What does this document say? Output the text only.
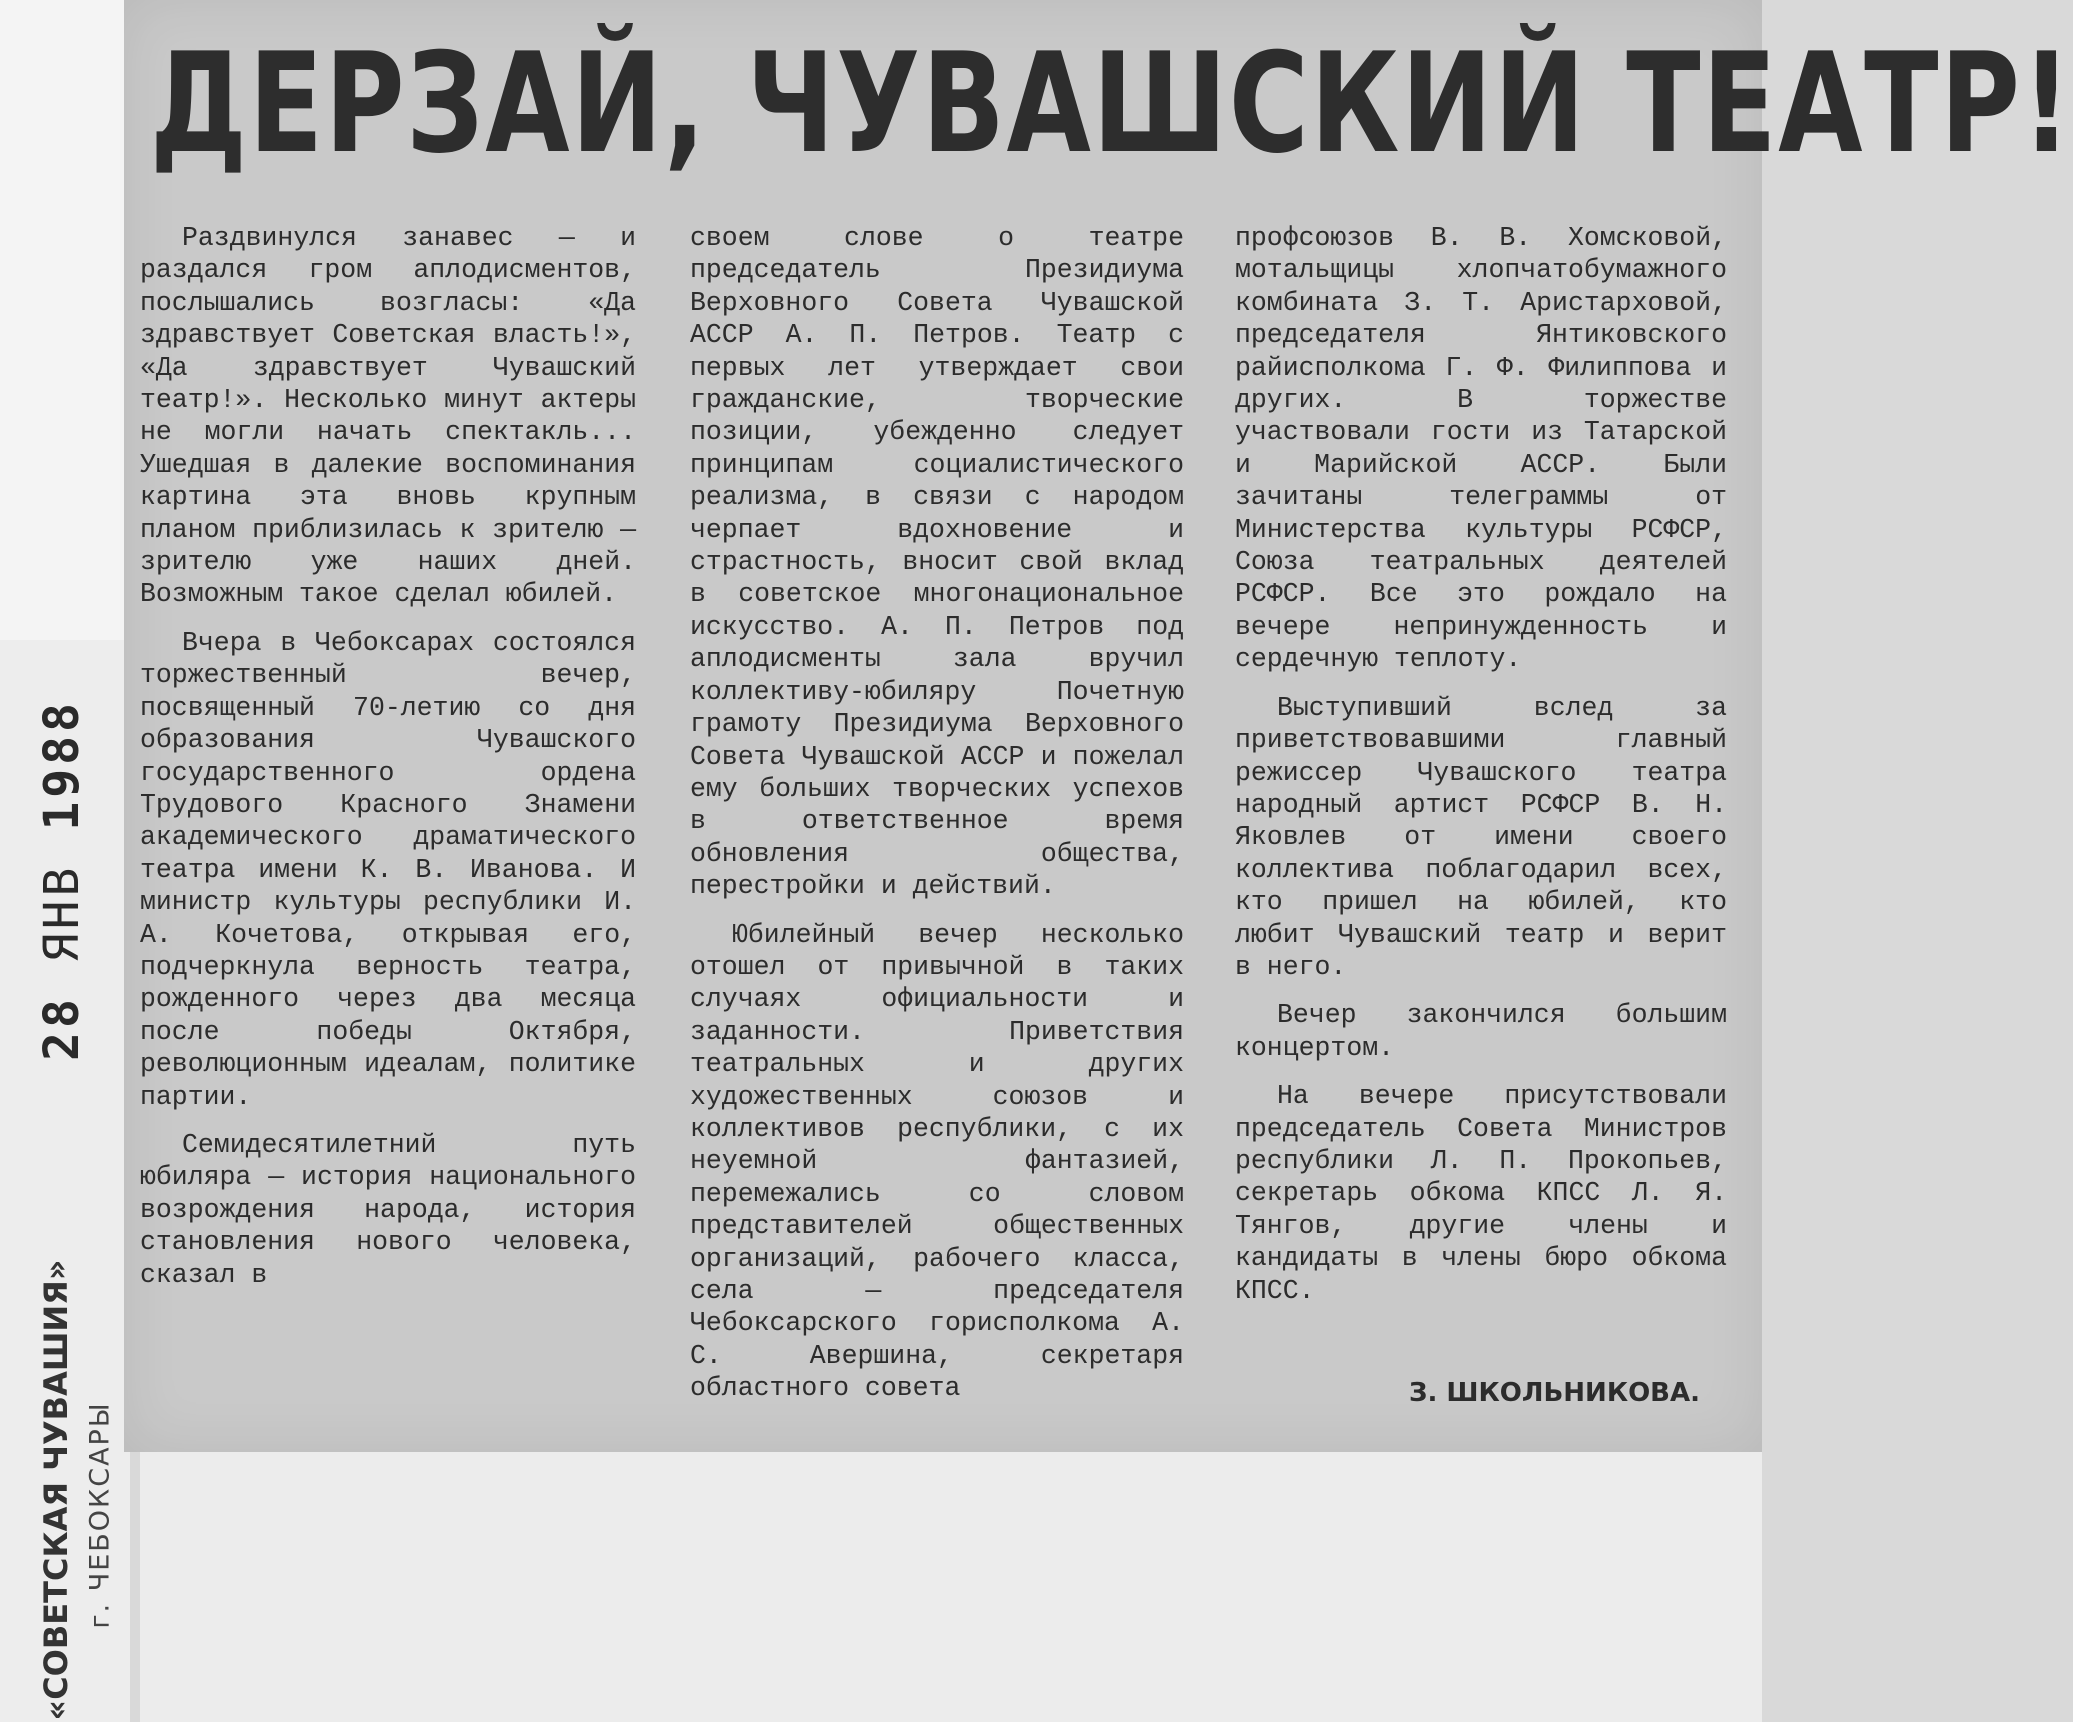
ДЕРЗАЙ, ЧУВАШСКИЙ ТЕАТР!

Раздвинулся занавес — и раздался гром аплодисментов, послышались возгласы: «Да здравствует Советская власть!», «Да здравствует Чувашский театр!». Несколько минут актеры не могли начать спектакль... Ушедшая в далекие воспоминания картина эта вновь крупным планом приблизилась к зрителю — зрителю уже наших дней. Возможным такое сделал юбилей.

Вчера в Чебоксарах состоялся торжественный вечер, посвященный 70-летию со дня образования Чувашского государственного ордена Трудового Красного Знамени академического драматического театра имени К. В. Иванова. И министр культуры республики И. А. Кочетова, открывая его, подчеркнула верность театра, рожденного через два месяца после победы Октября, революционным идеалам, политике партии.

Семидесятилетний путь юбиляра — история национального возрождения народа, история становления нового человека, сказал в

своем слове о театре председатель Президиума Верховного Совета Чувашской АССР А. П. Петров. Театр с первых лет утверждает свои гражданские, творческие позиции, убежденно следует принципам социалистического реализма, в связи с народом черпает вдохновение и страстность, вносит свой вклад в советское многонациональное искусство. А. П. Петров под аплодисменты зала вручил коллективу-юбиляру Почетную грамоту Президиума Верховного Совета Чувашской АССР и пожелал ему больших творческих успехов в ответственное время обновления общества, перестройки и действий.

Юбилейный вечер несколько отошел от привычной в таких случаях официальности и заданности. Приветствия театральных и других художественных союзов и коллективов республики, с их неуемной фантазией, перемежались со словом представителей общественных организаций, рабочего класса, села — председателя Чебоксарского горисполкома А. С. Авершина, секретаря областного совета

профсоюзов В. В. Хомсковой, мотальщицы хлопчатобумажного комбината З. Т. Аристарховой, председателя Янтиковского райисполкома Г. Ф. Филиппова и других. В торжестве участвовали гости из Татарской и Марийской АССР. Были зачитаны телеграммы от Министерства культуры РСФСР, Союза театральных деятелей РСФСР. Все это рождало на вечере непринужденность и сердечную теплоту.

Выступивший вслед за приветствовавшими главный режиссер Чувашского театра народный артист РСФСР В. Н. Яковлев от имени своего коллектива поблагодарил всех, кто пришел на юбилей, кто любит Чувашский театр и верит в него.

Вечер закончился большим концертом.

На вечере присутствовали председатель Совета Министров республики Л. П. Прокопьев, секретарь обкома КПСС Л. Я. Тянгов, другие члены и кандидаты в члены бюро обкома КПСС.

З. ШКОЛЬНИКОВА.
28 ЯНВ 1988
«СОВЕТСКАЯ ЧУВАШИЯ» г. ЧЕБОКСАРЫ
